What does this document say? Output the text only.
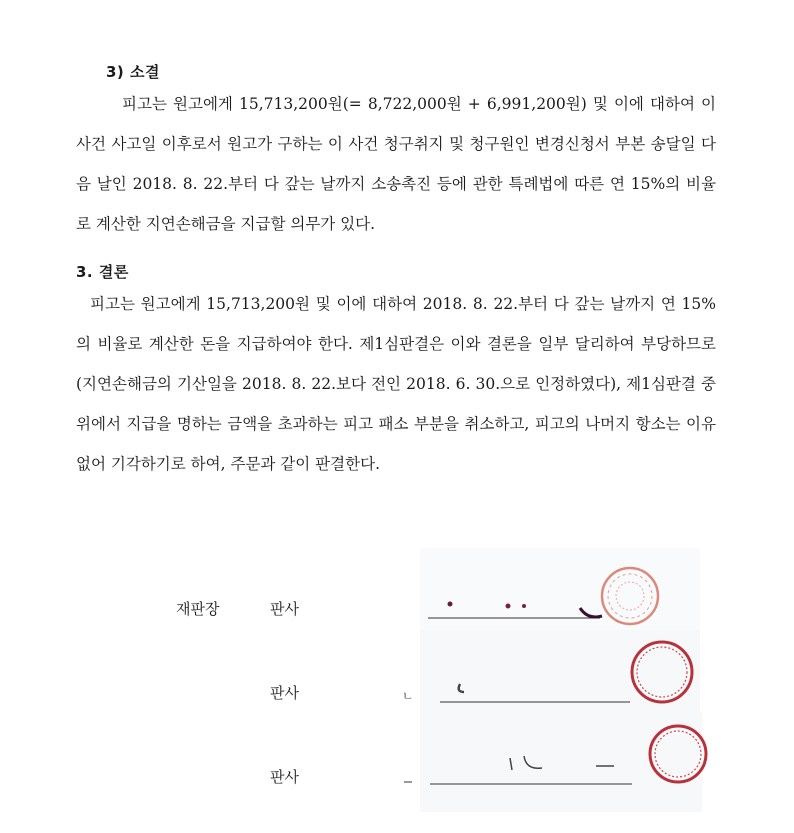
3) 소결

피고는 원고에게 15,713,200원(= 8,722,000원 + 6,991,200원) 및 이에 대하여 이 사건 사고일 이후로서 원고가 구하는 이 사건 청구취지 및 청구원인 변경신청서 부본 송달일 다음 날인 2018. 8. 22.부터 다 갚는 날까지 소송촉진 등에 관한 특례법에 따른 연 15%의 비율로 계산한 지연손해금을 지급할 의무가 있다.

3. 결론

피고는 원고에게 15,713,200원 및 이에 대하여 2018. 8. 22.부터 다 갚는 날까지 연 15%의 비율로 계산한 돈을 지급하여야 한다. 제1심판결은 이와 결론을 일부 달리하여 부당하므로(지연손해금의 기산일을 2018. 8. 22.보다 전인 2018. 6. 30.으로 인정하였다), 제1심판결 중 위에서 지급을 명하는 금액을 초과하는 피고 패소 부분을 취소하고, 피고의 나머지 항소는 이유 없어 기각하기로 하여, 주문과 같이 판결한다.

재판장	판사
판사
판사
ㄴ
